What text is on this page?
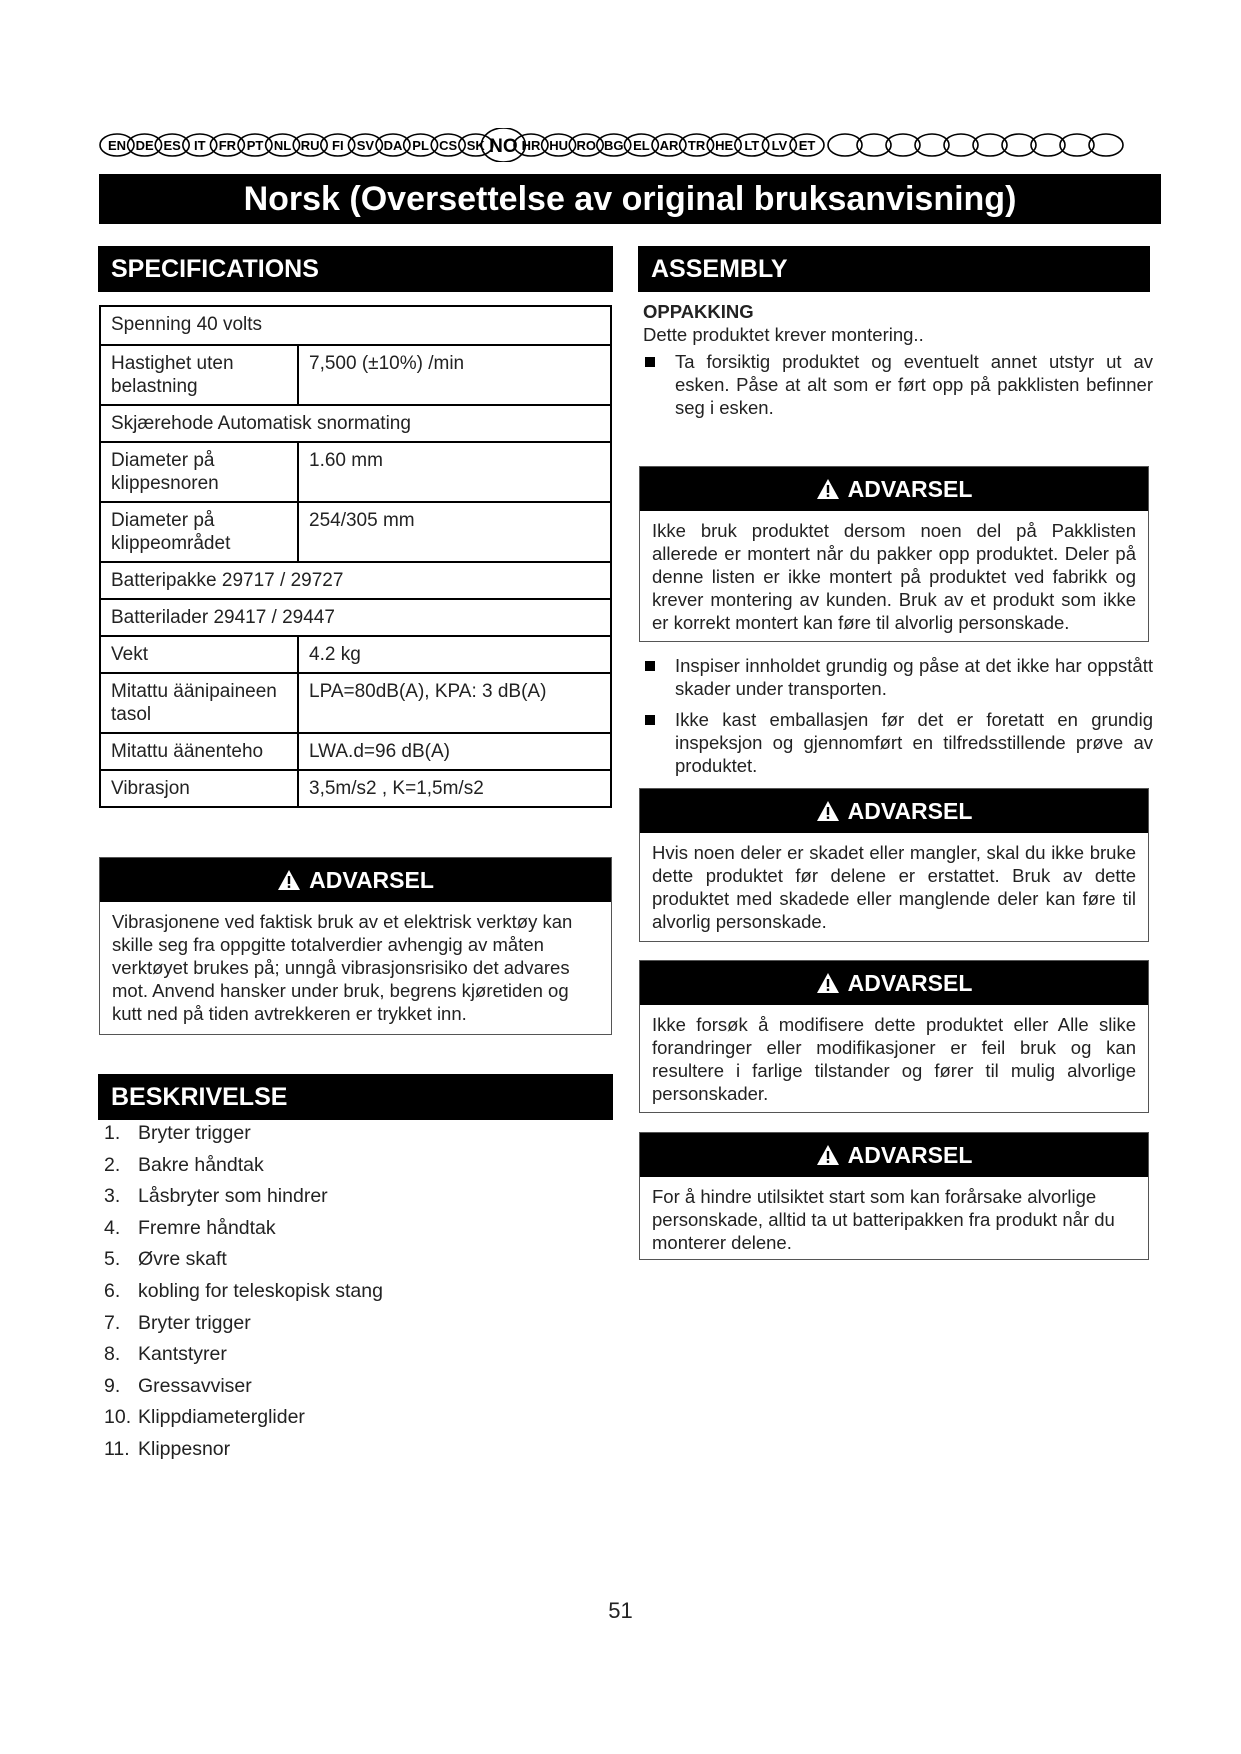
EN DE ES IT FR PT NL RU FI SV DA PL CS SK NO HR HU RO BG EL AR TR HE LT LV ET
Norsk (Oversettelse av original bruksanvisning)
SPECIFICATIONS
Spenning 40 volts	
Hastighet uten belastning	7,500 (±10%) /min
Skjærehode Automatisk snormating	
Diameter på klippesnoren	1.60 mm
Diameter på klippeområdet	254/305 mm
Batteripakke 29717 / 29727	
Batterilader 29417 / 29447	
Vekt	4.2 kg
Mitattu äänipaineen tasol	LPA=80dB(A), KPA: 3 dB(A)
Mitattu äänenteho	LWA.d=96 dB(A)
Vibrasjon	3,5m/s2 , K=1,5m/s2
ADVARSEL
Vibrasjonene ved faktisk bruk av et elektrisk verktøy kan skille seg fra oppgitte totalverdier avhengig av måten verktøyet brukes på; unngå vibrasjonsrisiko det advares mot. Anvend hansker under bruk, begrens kjøretiden og kutt ned på tiden avtrekkeren er trykket inn.
BESKRIVELSE
1. Bryter trigger
2. Bakre håndtak
3. Låsbryter som hindrer
4. Fremre håndtak
5. Øvre skaft
6. kobling for teleskopisk stang
7. Bryter trigger
8. Kantstyrer
9. Gressavviser
10. Klippdiameterglider
11. Klippesnor
ASSEMBLY
OPPAKKING
Dette produktet krever montering..
Ta forsiktig produktet og eventuelt annet utstyr ut av esken. Påse at alt som er ført opp på pakklisten befinner seg i esken.
ADVARSEL
Ikke bruk produktet dersom noen del på Pakklisten allerede er montert når du pakker opp produktet. Deler på denne listen er ikke montert på produktet ved fabrikk og krever montering av kunden. Bruk av et produkt som ikke er korrekt montert kan føre til alvorlig personskade.
Inspiser innholdet grundig og påse at det ikke har oppstått skader under transporten.
Ikke kast emballasjen før det er foretatt en grundig inspeksjon og gjennomført en tilfredsstillende prøve av produktet.
ADVARSEL
Hvis noen deler er skadet eller mangler, skal du ikke bruke dette produktet før delene er erstattet. Bruk av dette produktet med skadede eller manglende deler kan føre til alvorlig personskade.
ADVARSEL
Ikke forsøk å modifisere dette produktet eller Alle slike forandringer eller modifikasjoner er feil bruk og kan resultere i farlige tilstander og fører til mulig alvorlige personskader.
ADVARSEL
For å hindre utilsiktet start som kan forårsake alvorlige personskade, alltid ta ut batteripakken fra produkt når du monterer delene.
51
